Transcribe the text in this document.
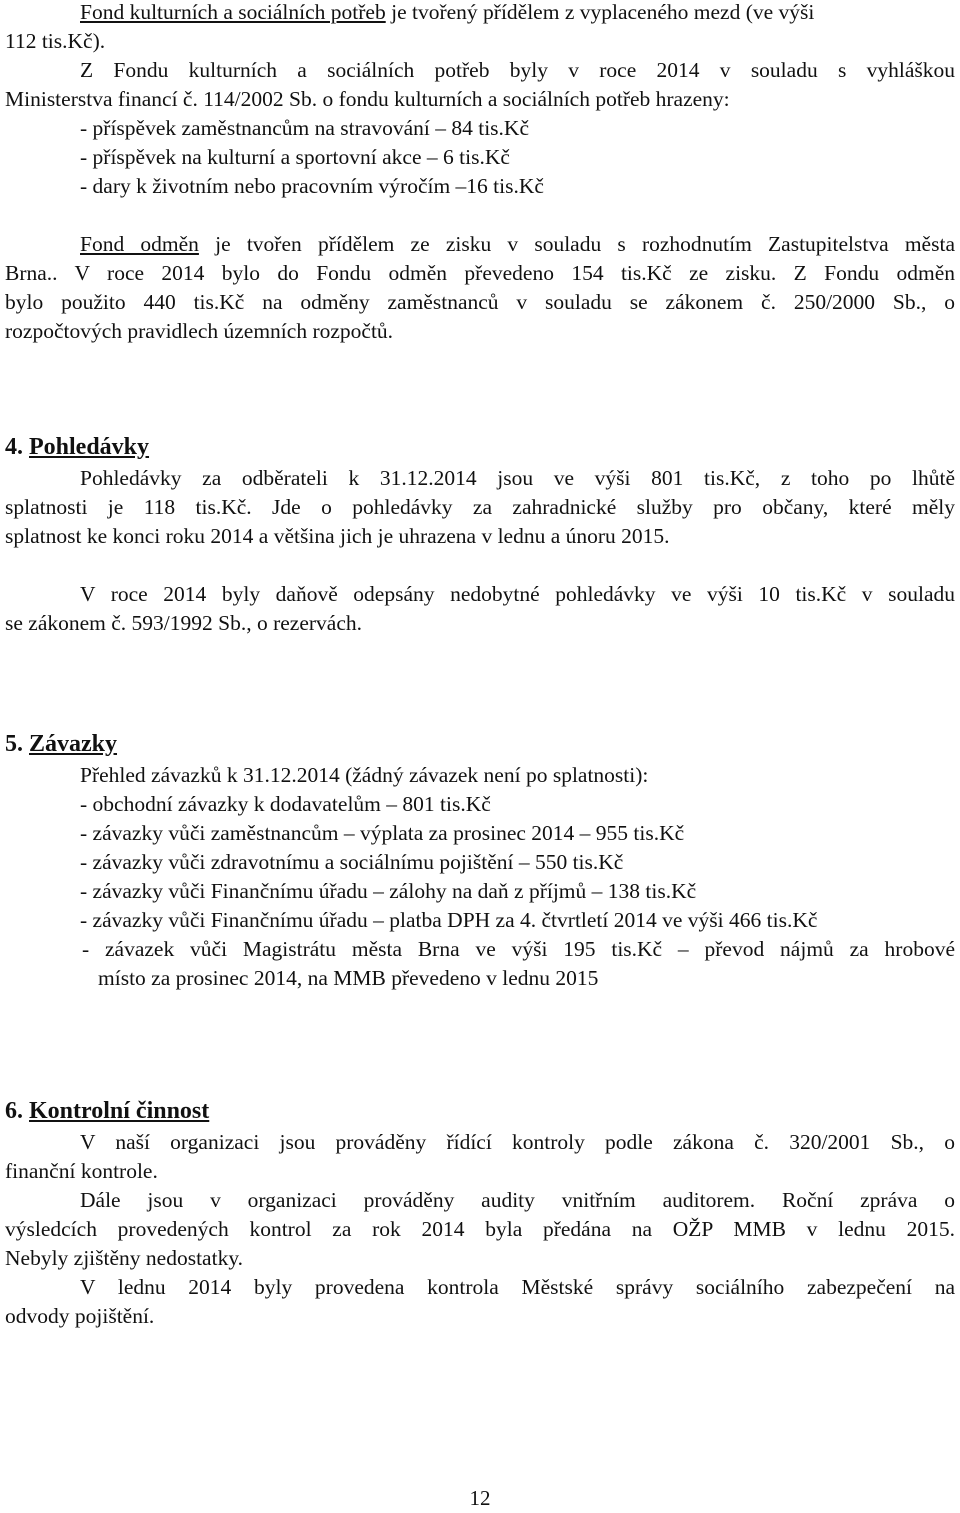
Fond kulturních a sociálních potřeb je tvořený přídělem z vyplaceného mezd (ve výši
112 tis.Kč).
Z Fondu kulturních a sociálních potřeb byly v roce 2014 v souladu s vyhláškou
Ministerstva financí č. 114/2002 Sb. o fondu kulturních a sociálních potřeb hrazeny:
- příspěvek zaměstnancům na stravování – 84 tis.Kč
- příspěvek na kulturní a sportovní akce – 6 tis.Kč
- dary k životním nebo pracovním výročím –16 tis.Kč
Fond odměn je tvořen přídělem ze zisku v souladu s rozhodnutím Zastupitelstva města
Brna.. V roce 2014 bylo do Fondu odměn převedeno 154 tis.Kč ze zisku. Z Fondu odměn
bylo použito 440 tis.Kč na odměny zaměstnanců v souladu se zákonem č. 250/2000 Sb., o
rozpočtových pravidlech územních rozpočtů.
4. Pohledávky
Pohledávky za odběrateli k 31.12.2014 jsou ve výši 801 tis.Kč, z toho po lhůtě
splatnosti je 118 tis.Kč. Jde o pohledávky za zahradnické služby pro občany, které měly
splatnost ke konci roku 2014 a většina jich je uhrazena v lednu a únoru 2015.
V roce 2014 byly daňově odepsány nedobytné pohledávky ve výši 10 tis.Kč v souladu
se zákonem č. 593/1992 Sb., o rezervách.
5. Závazky
Přehled závazků k 31.12.2014 (žádný závazek není po splatnosti):
- obchodní závazky k dodavatelům – 801 tis.Kč
- závazky vůči zaměstnancům – výplata za prosinec 2014 – 955 tis.Kč
- závazky vůči zdravotnímu a sociálnímu pojištění – 550 tis.Kč
- závazky vůči Finančnímu úřadu – zálohy na daň z příjmů – 138 tis.Kč
- závazky vůči Finančnímu úřadu – platba DPH za 4. čtvrtletí 2014 ve výši 466 tis.Kč
- závazek vůči Magistrátu města Brna ve výši 195 tis.Kč – převod nájmů za hrobové
místo za prosinec 2014, na MMB převedeno v lednu 2015
6. Kontrolní činnost
V naší organizaci jsou prováděny řídící kontroly podle zákona č. 320/2001 Sb., o
finanční kontrole.
Dále jsou v organizaci prováděny audity vnitřním auditorem. Roční zpráva o
výsledcích provedených kontrol za rok 2014 byla předána na OŽP MMB v lednu 2015.
Nebyly zjištěny nedostatky.
V lednu 2014 byly provedena kontrola Městské správy sociálního zabezpečení na
odvody pojištění.
12
